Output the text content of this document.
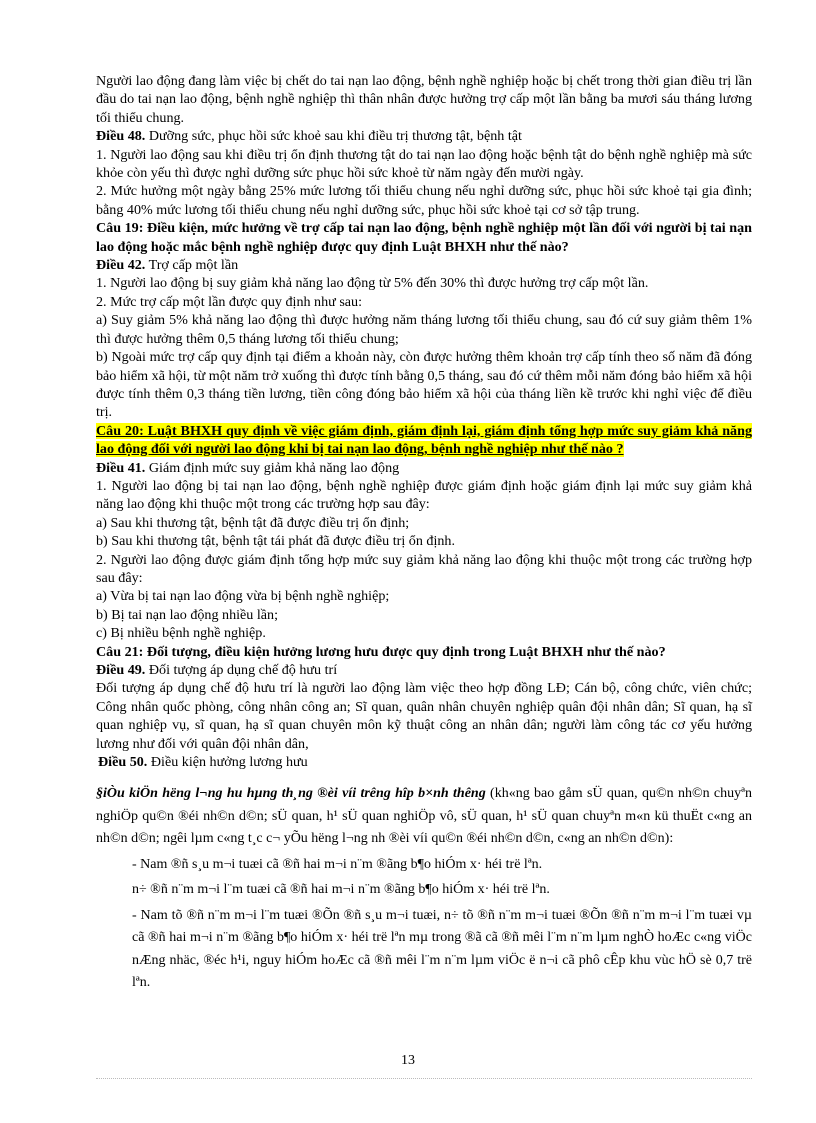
Người lao động đang làm việc bị chết do tai nạn lao động, bệnh nghề nghiệp hoặc bị chết trong thời gian điều trị lần đầu do tai nạn lao động, bệnh nghề nghiệp thì thân nhân được hưởng trợ cấp một lần bằng ba mươi sáu tháng lương tối thiểu chung.

Điều 48. Dưỡng sức, phục hồi sức khoẻ sau khi điều trị thương tật, bệnh tật

1. Người lao động sau khi điều trị ổn định thương tật do tai nạn lao động hoặc bệnh tật do bệnh nghề nghiệp mà sức khỏe còn yếu thì được nghỉ dưỡng sức phục hồi sức khoẻ từ năm ngày đến mười ngày.

2. Mức hưởng một ngày bằng 25% mức lương tối thiểu chung nếu nghỉ dưỡng sức, phục hồi sức khoẻ tại gia đình; bằng 40% mức lương tối thiểu chung nếu nghỉ dưỡng sức, phục hồi sức khoẻ tại cơ sở tập trung.

Câu 19: Điều kiện, mức hưởng về trợ cấp tai nạn lao động, bệnh nghề nghiệp một lần đối với người bị tai nạn lao động hoặc mắc bệnh nghề nghiệp được quy định Luật BHXH như thế nào?

Điều 42. Trợ cấp một lần

1. Người lao động bị suy giảm khả năng lao động từ 5% đến 30% thì được hưởng trợ cấp một lần.

2. Mức trợ cấp một lần được quy định như sau:

a) Suy giảm 5% khả năng lao động thì được hưởng năm tháng lương tối thiểu chung, sau đó cứ suy giảm thêm 1% thì được hưởng thêm 0,5 tháng lương tối thiểu chung;

b) Ngoài mức trợ cấp quy định tại điểm a khoản này, còn được hưởng thêm khoản trợ cấp tính theo số năm đã đóng bảo hiểm xã hội, từ một năm trở xuống thì được tính bằng 0,5 tháng, sau đó cứ thêm mỗi năm đóng bảo hiểm xã hội được tính thêm 0,3 tháng tiền lương, tiền công đóng bảo hiểm xã hội của tháng liền kề trước khi nghỉ việc để điều trị.

Câu 20: Luật BHXH quy định về việc giám định, giám định lại, giám định tổng hợp mức suy giảm khả năng lao động đối với người lao động khi bị tai nạn lao động, bệnh nghề nghiệp như thế nào ?

Điều 41. Giám định mức suy giảm khả năng lao động

1. Người lao động bị tai nạn lao động, bệnh nghề nghiệp được giám định hoặc giám định lại mức suy giảm khả năng lao động khi thuộc một trong các trường hợp sau đây:

a) Sau khi thương tật, bệnh tật đã được điều trị ổn định;

b) Sau khi thương tật, bệnh tật tái phát đã được điều trị ổn định.

2. Người lao động được giám định tổng hợp mức suy giảm khả năng lao động khi thuộc một trong các trường hợp sau đây:

a) Vừa bị tai nạn lao động vừa bị bệnh nghề nghiệp;

b) Bị tai nạn lao động nhiều lần;

c) Bị nhiều bệnh nghề nghiệp.

Câu 21: Đối tượng, điều kiện hưởng lương hưu được quy định trong Luật BHXH như thế nào?

Điều 49. Đối tượng áp dụng chế độ hưu trí

Đối tượng áp dụng chế độ hưu trí là người lao động làm việc theo hợp đồng LĐ; Cán bộ, công chức, viên chức; Công nhân quốc phòng, công nhân công an; Sĩ quan, quân nhân chuyên nghiệp quân đội nhân dân; Sĩ quan, hạ sĩ quan nghiệp vụ, sĩ quan, hạ sĩ quan chuyên môn kỹ thuật công an nhân dân; người làm công tác cơ yếu hưởng lương như đối với quân đội nhân dân,

Điều 50. Điều kiện hưởng lương hưu

§iÒu kiÖn hëng l¬ng hu hµng th¸ng ®èi víi trêng hîp b×nh thêng (kh«ng bao gåm sÜ quan, qu©n nh©n chuyªn nghiÖp qu©n ®éi nh©n d©n; sÜ quan, h¹ sÜ quan nghiÖp vô, sÜ quan, h¹ sÜ quan chuyªn m«n kü thuËt c«ng an nh©n d©n; ngêi lµm c«ng t¸c c¬ yÕu hëng l¬ng nh ®èi víi qu©n ®éi nh©n d©n, c«ng an nh©n d©n):

- Nam ®ñ s¸u m¬i tuæi cã ®ñ hai m¬i n¨m ®ãng b¶o hiÓm x· héi trë lªn.

n÷ ®ñ n¨m m¬i l¨m tuæi cã ®ñ hai m¬i n¨m ®ãng b¶o hiÓm x· héi trë lªn.

- Nam tõ ®ñ n¨m m¬i l¨m tuæi ®Õn ®ñ s¸u m¬i tuæi, n÷ tõ ®ñ n¨m m¬i tuæi ®Õn ®ñ n¨m m¬i l¨m tuæi vµ cã ®ñ hai m¬i n¨m ®ãng b¶o hiÓm x· héi trë lªn mµ trong ®ã cã ®ñ mêi l¨m n¨m lµm nghÒ hoÆc c«ng viÖc nÆng nhäc, ®éc h¹i, nguy hiÓm hoÆc cã ®ñ mêi l¨m n¨m lµm viÖc ë n¬i cã phô cÊp khu vùc hÖ sè 0,7 trë lªn.

13
